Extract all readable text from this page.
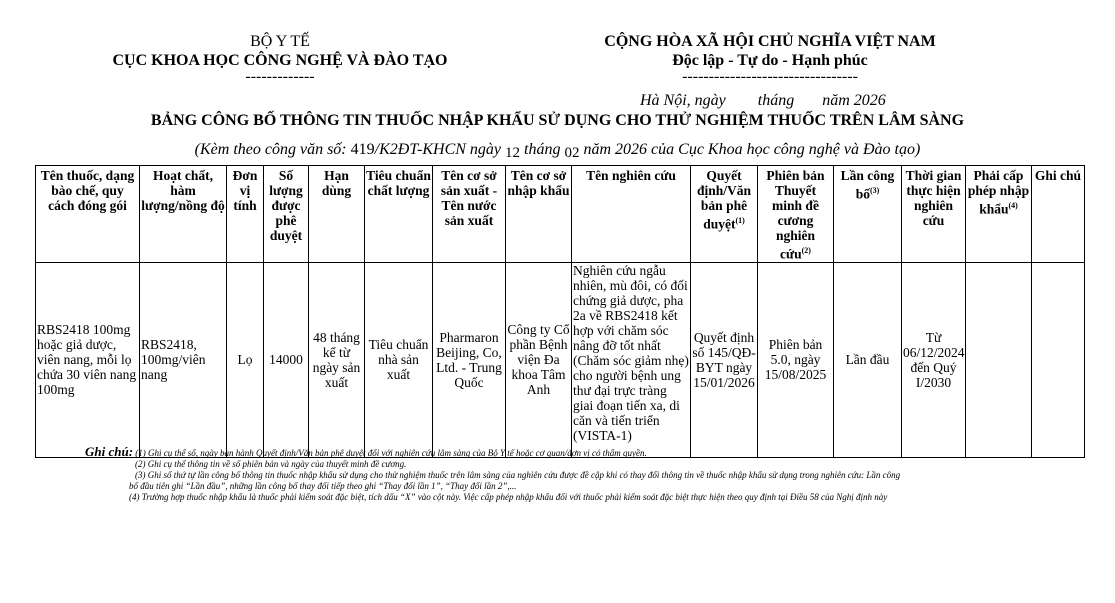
BỘ Y TẾ
CỤC KHOA HỌC CÔNG NGHỆ VÀ ĐÀO TẠO
-------------
CỘNG HÒA XÃ HỘI CHỦ NGHĨA VIỆT NAM
Độc lập - Tự do - Hạnh phúc
---------------------------------
Hà Nội, ngày        tháng       năm 2026
BẢNG CÔNG BỐ THÔNG TIN THUỐC NHẬP KHẨU SỬ DỤNG CHO THỬ NGHIỆM THUỐC TRÊN LÂM SÀNG
(Kèm theo công văn số: 419/K2ĐT-KHCN ngày 12 tháng 02 năm 2026 của Cục Khoa học công nghệ và Đào tạo)
Tên thuốc, dạng bào chế, quy cách đóng gói	Hoạt chất, hàm lượng/nồng độ	Đơn vị tính	Số lượng được phê duyệt	Hạn dùng	Tiêu chuẩn chất lượng	Tên cơ sở sản xuất - Tên nước sản xuất	Tên cơ sở nhập khẩu	Tên nghiên cứu	Quyết định/Văn bản phê duyệt$^{(1)}$	Phiên bản Thuyết minh đề cương nghiên cứu$^{(2)}$	Lần công bố$^{(3)}$	Thời gian thực hiện nghiên cứu	Phải cấp phép nhập khẩu$^{(4)}$	Ghi chú
RBS2418 100mg hoặc giả dược, viên nang, mỗi lọ chứa 30 viên nang 100mg	RBS2418, 100mg/viên nang	Lọ	14000	48 tháng kể từ ngày sản xuất	Tiêu chuẩn nhà sản xuất	Pharmaron Beijing, Co, Ltd. - Trung Quốc	Công ty Cổ phần Bệnh viện Đa khoa Tâm Anh	Nghiên cứu ngẫu nhiên, mù đôi, có đối chứng giả dược, pha 2a về RBS2418 kết hợp với chăm sóc nâng đỡ tốt nhất (Chăm sóc giảm nhẹ) cho người bệnh ung thư đại trực tràng giai đoạn tiến xa, di căn và tiến triển (VISTA-1)	Quyết định số 145/QĐ-BYT ngày 15/01/2026	Phiên bản 5.0, ngày 15/08/2025	Lần đầu	Từ 06/12/2024 đến Quý I/2030		
Ghi chú: (1) Ghi cụ thể số, ngày ban hành Quyết định/Văn bản phê duyệt đối với nghiên cứu lâm sàng của Bộ Y tế hoặc cơ quan/đơn vị có thẩm quyền.
(2) Ghi cụ thể thông tin về số phiên bản và ngày của thuyết minh đề cương.
(3) Ghi số thứ tự lần công bố thông tin thuốc nhập khẩu sử dụng cho thử nghiệm thuốc trên lâm sàng của nghiên cứu được đề cập khi có thay đổi thông tin về thuốc nhập khẩu sử dụng trong nghiên cứu: Lần công
bố đầu tiên ghi “Lần đầu”, những lần công bố thay đổi tiếp theo ghi “Thay đổi lần 1”, “Thay đổi lần 2”,...
(4) Trường hợp thuốc nhập khẩu là thuốc phải kiểm soát đặc biệt, tích dấu “X” vào cột này. Việc cấp phép nhập khẩu đối với thuốc phải kiểm soát đặc biệt thực hiện theo quy định tại Điều 58 của Nghị định này
